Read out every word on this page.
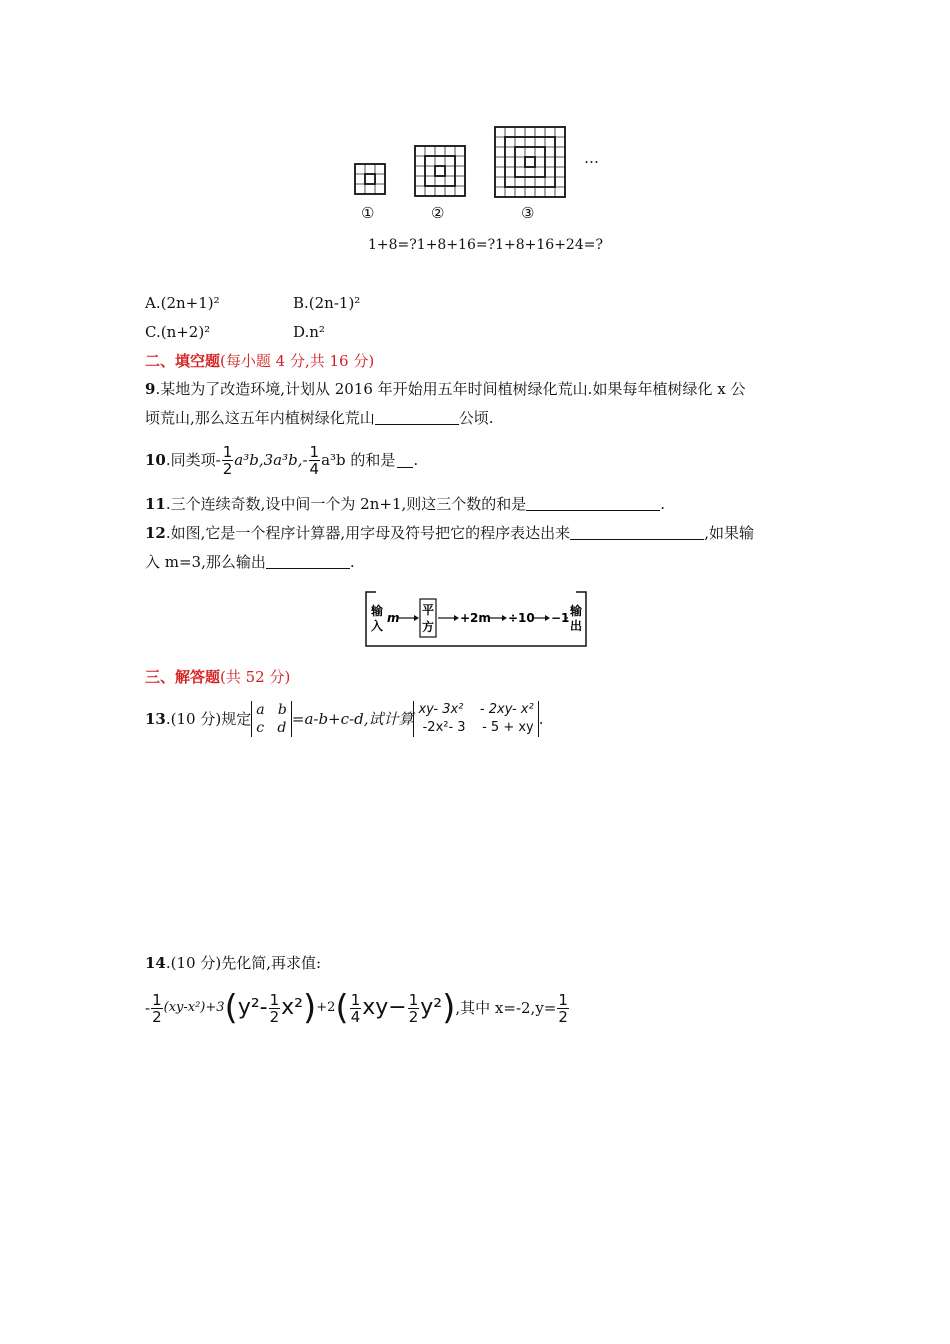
①	②	③
…
1+8=?1+8+16=?1+8+16+24=?
A.(2n+1)²	B.(2n-1)²
C.(n+2)²	D.n²
二、填空题(每小题 4 分,共 16 分)
9.某地为了改造环境,计划从 2016 年开始用五年时间植树绿化荒山.如果每年植树绿化 x 公
顷荒山,那么这五年内植树绿化荒山	公顷.
10 .同类项- $\frac{1}{2} a^3b,3a^3b,- \frac{1}{4} a^3b$ 的和是 .
11.三个连续奇数,设中间一个为 2n+1,则这三个数的和是	.
12.如图,它是一个程序计算器,用字母及符号把它的程序表达出来	,如果输
入 m=3,那么输出	.
输
入
m
平
方
+2m ÷10 −1 输
出
三、解答题(共 52 分)
13 .(10 分)规定 a   b
c   d =a-b+c-d,试计算
xy- 3x²    - 2xy- x²
-2x²- 3    - 5 + xy .
14.(10 分)先化简,再求值:
- $\frac{1}{2} (xy-x^2)+3$ ( $y^2- \frac{1}{2} x^2$ ) +2 ( $\frac{1}{4} xy- \frac{1}{2} y^2$ ) ,其中 $x=-2,y= \frac{1}{2}$
